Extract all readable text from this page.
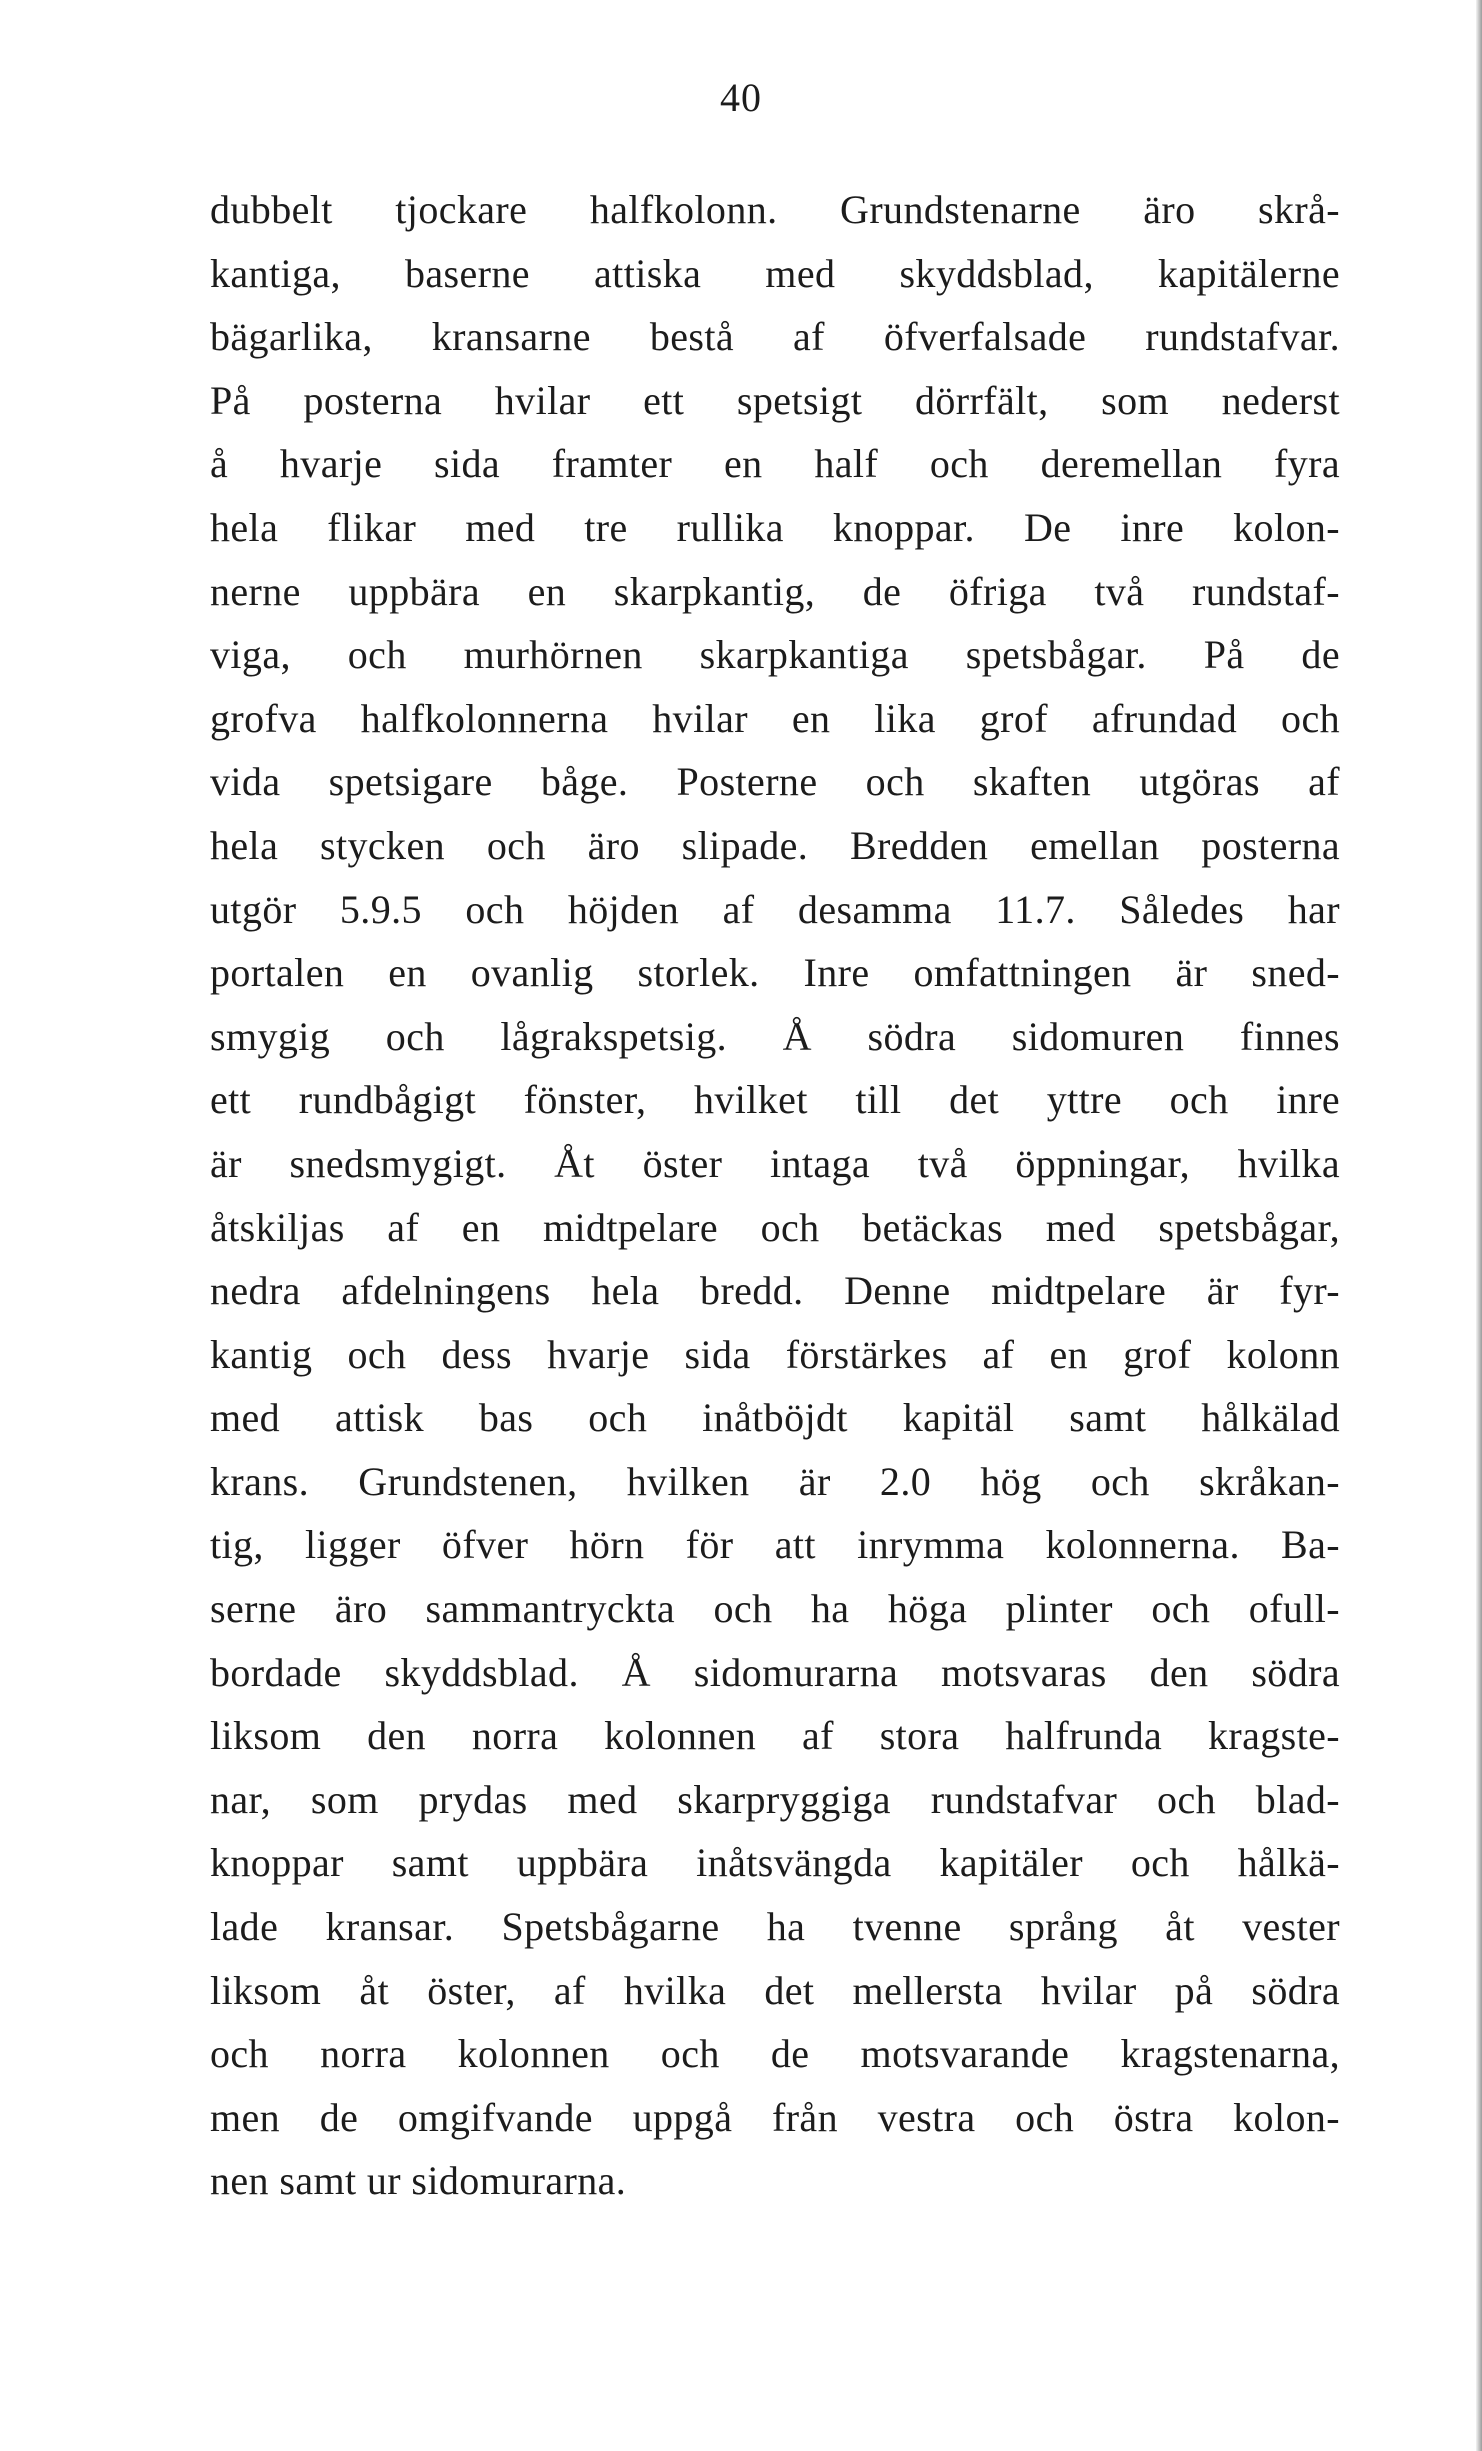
40
dubbelt tjockare halfkolonn. Grundstenarne äro skrå-
kantiga, baserne attiska med skyddsblad, kapitälerne
bägarlika, kransarne bestå af öfverfalsade rundstafvar.
På posterna hvilar ett spetsigt dörrfält, som nederst
å hvarje sida framter en half och deremellan fyra
hela flikar med tre rullika knoppar. De inre kolon-
nerne uppbära en skarpkantig, de öfriga två rundstaf-
viga, och murhörnen skarpkantiga spetsbågar. På de
grofva halfkolonnerna hvilar en lika grof afrundad och
vida spetsigare båge. Posterne och skaften utgöras af
hela stycken och äro slipade. Bredden emellan posterna
utgör 5.9.5 och höjden af desamma 11.7. Således har
portalen en ovanlig storlek. Inre omfattningen är sned-
smygig och lågrakspetsig. Å södra sidomuren finnes
ett rundbågigt fönster, hvilket till det yttre och inre
är snedsmygigt. Åt öster intaga två öppningar, hvilka
åtskiljas af en midtpelare och betäckas med spetsbågar,
nedra afdelningens hela bredd. Denne midtpelare är fyr-
kantig och dess hvarje sida förstärkes af en grof kolonn
med attisk bas och inåtböjdt kapitäl samt hålkälad
krans. Grundstenen, hvilken är 2.0 hög och skråkan-
tig, ligger öfver hörn för att inrymma kolonnerna. Ba-
serne äro sammantryckta och ha höga plinter och ofull-
bordade skyddsblad. Å sidomurarna motsvaras den södra
liksom den norra kolonnen af stora halfrunda kragste-
nar, som prydas med skarpryggiga rundstafvar och blad-
knoppar samt uppbära inåtsvängda kapitäler och hålkä-
lade kransar. Spetsbågarne ha tvenne språng åt vester
liksom åt öster, af hvilka det mellersta hvilar på södra
och norra kolonnen och de motsvarande kragstenarna,
men de omgifvande uppgå från vestra och östra kolon-
nen samt ur sidomurarna.
